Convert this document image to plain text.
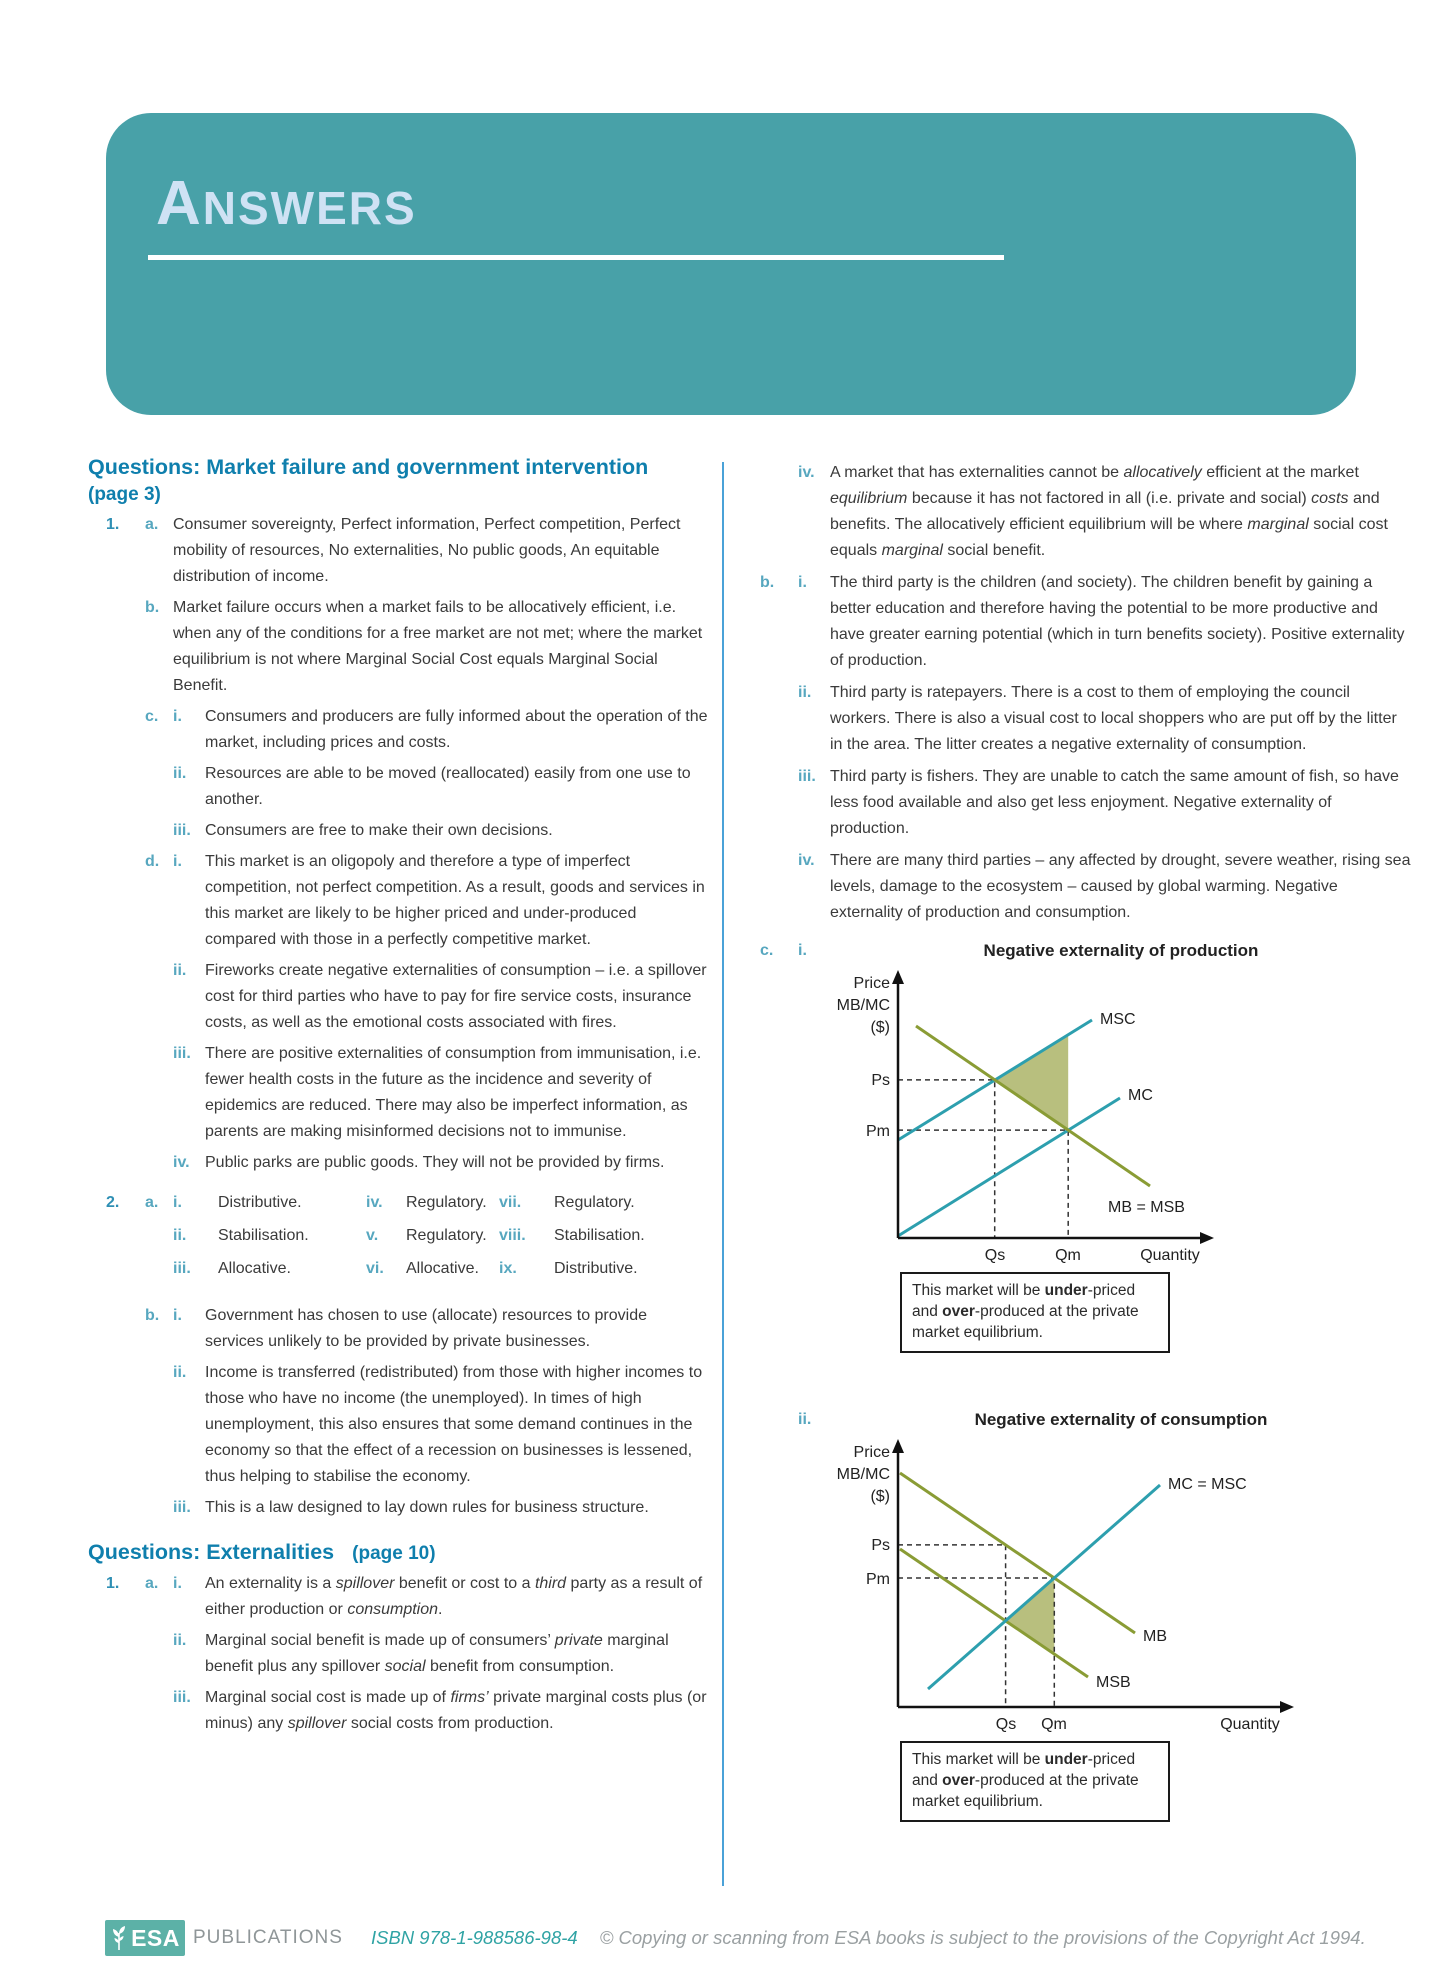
ANSWERS
Questions: Market failure and government intervention
(page 3)
1.	a. Consumer sovereignty, Perfect information, Perfect competition, Perfect mobility of resources, No externalities, No public goods, An equitable distribution of income.
b. Market failure occurs when a market fails to be allocatively efficient, i.e. when any of the conditions for a free market are not met; where the market equilibrium is not where Marginal Social Cost equals Marginal Social Benefit.
c. i.	Consumers and producers are fully informed about the operation of the market, including prices and costs.
ii.	Resources are able to be moved (reallocated) easily from one use to another.
iii. Consumers are free to make their own decisions.
d. i.	This market is an oligopoly and therefore a type of imperfect competition, not perfect competition. As a result, goods and services in this market are likely to be higher priced and under-produced compared with those in a perfectly competitive market.
ii.	Fireworks create negative externalities of consumption – i.e. a spillover cost for third parties who have to pay for fire service costs, insurance costs, as well as the emotional costs associated with fires.
iii. There are positive externalities of consumption from immunisation, i.e. fewer health costs in the future as the incidence and severity of epidemics are reduced. There may also be imperfect information, as parents are making misinformed decisions not to immunise.
iv. Public parks are public goods. They will not be provided by firms.
2.	a. i.	Distributive.	iv.	Regulatory. vii.	Regulatory.
ii.	Stabilisation.	v.	Regulatory. viii.	Stabilisation.
iii.	Allocative.	vi.	Allocative.	ix.	Distributive.
b. i.	Government has chosen to use (allocate) resources to provide services unlikely to be provided by private businesses.
ii.	Income is transferred (redistributed) from those with higher incomes to those who have no income (the unemployed). In times of high unemployment, this also ensures that some demand continues in the economy so that the effect of a recession on businesses is lessened, thus helping to stabilise the economy.
iii. This is a law designed to lay down rules for business structure.
Questions: Externalities (page 10)
1.	a. i.	An externality is a spillover benefit or cost to a third party as a result of either production or consumption.
ii.	Marginal social benefit is made up of consumers’ private marginal benefit plus any spillover social benefit from consumption.
iii. Marginal social cost is made up of firms’ private marginal costs plus (or minus) any spillover social costs from production.
iv. A market that has externalities cannot be allocatively efficient at the market equilibrium because it has not factored in all (i.e. private and social) costs and benefits. The allocatively efficient equilibrium will be where marginal social cost equals marginal social benefit.
b.	i.	The third party is the children (and society). The children benefit by gaining a better education and therefore having the potential to be more productive and have greater earning potential (which in turn benefits society). Positive externality of production.
ii.	Third party is ratepayers. There is a cost to them of employing the council workers. There is also a visual cost to local shoppers who are put off by the litter in the area. The litter creates a negative externality of consumption.
iii. Third party is fishers. They are unable to catch the same amount of fish, so have less food available and also get less enjoyment. Negative externality of production.
iv. There are many third parties – any affected by drought, severe weather, rising sea levels, damage to the ecosystem – caused by global warming. Negative externality of production and consumption.
c.	i.	Negative externality of production
Price
MB/MC
($)
Ps
Pm
Qs	Qm	Quantity
MSC
MC
MB = MSB
This market will be under-priced and over-produced at the private market equilibrium.
ii.	Negative externality of consumption
Price
MB/MC
($)
Ps
Pm
Qs Qm	Quantity
MC = MSC
MB
MSB
This market will be under-priced and over-produced at the private market equilibrium.
ESA PUBLICATIONS ISBN 978-1-988586-98-4 © Copying or scanning from ESA books is subject to the provisions of the Copyright Act 1994.
